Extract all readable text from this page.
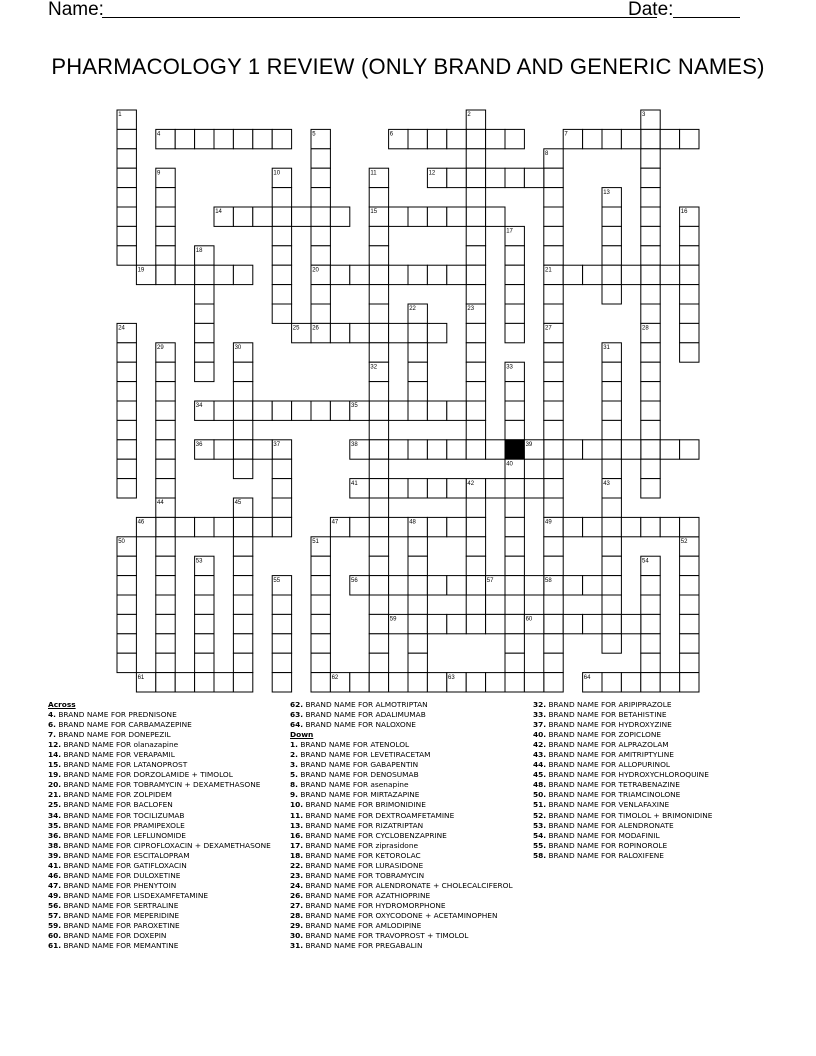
Name:	Date:
PHARMACOLOGY 1 REVIEW (ONLY BRAND AND GENERIC NAMES)
1	2	3
4	5	6	7
8
9	10	11	12
13
14	15	16
17
18
19	20	21
22	23
24	25 26	27	28
29	30	31
32	33
34	35
36	37	38	39
40
41	42	43
44	45
46	47	48	49
50	51	52
53	54
55	56	57	58
59	60
61	62	63	64
Across
4. BRAND NAME FOR PREDNISONE
6. BRAND NAME FOR CARBAMAZEPINE
7. BRAND NAME FOR DONEPEZIL
12. BRAND NAME FOR olanazapine
14. BRAND NAME FOR VERAPAMIL
15. BRAND NAME FOR LATANOPROST
19. BRAND NAME FOR DORZOLAMIDE + TIMOLOL
20. BRAND NAME FOR TOBRAMYCIN + DEXAMETHASONE
21. BRAND NAME FOR ZOLPIDEM
25. BRAND NAME FOR BACLOFEN
34. BRAND NAME FOR TOCILIZUMAB
35. BRAND NAME FOR PRAMIPEXOLE
36. BRAND NAME FOR LEFLUNOMIDE
38. BRAND NAME FOR CIPROFLOXACIN + DEXAMETHASONE
39. BRAND NAME FOR ESCITALOPRAM
41. BRAND NAME FOR GATIFLOXACIN
46. BRAND NAME FOR DULOXETINE
47. BRAND NAME FOR PHENYTOIN
49. BRAND NAME FOR LISDEXAMFETAMINE
56. BRAND NAME FOR SERTRALINE
57. BRAND NAME FOR MEPERIDINE
59. BRAND NAME FOR PAROXETINE
60. BRAND NAME FOR DOXEPIN
61. BRAND NAME FOR MEMANTINE
62. BRAND NAME FOR ALMOTRIPTAN
63. BRAND NAME FOR ADALIMUMAB
64. BRAND NAME FOR NALOXONE
Down
1. BRAND NAME FOR ATENOLOL
2. BRAND NAME FOR LEVETIRACETAM
3. BRAND NAME FOR GABAPENTIN
5. BRAND NAME FOR DENOSUMAB
8. BRAND NAME FOR asenapine
9. BRAND NAME FOR MIRTAZAPINE
10. BRAND NAME FOR BRIMONIDINE
11. BRAND NAME FOR DEXTROAMFETAMINE
13. BRAND NAME FOR RIZATRIPTAN
16. BRAND NAME FOR CYCLOBENZAPRINE
17. BRAND NAME FOR ziprasidone
18. BRAND NAME FOR KETOROLAC
22. BRAND NAME FOR LURASIDONE
23. BRAND NAME FOR TOBRAMYCIN
24. BRAND NAME FOR ALENDRONATE + CHOLECALCIFEROL
26. BRAND NAME FOR AZATHIOPRINE
27. BRAND NAME FOR HYDROMORPHONE
28. BRAND NAME FOR OXYCODONE + ACETAMINOPHEN
29. BRAND NAME FOR AMLODIPINE
30. BRAND NAME FOR TRAVOPROST + TIMOLOL
31. BRAND NAME FOR PREGABALIN
32. BRAND NAME FOR ARIPIPRAZOLE
33. BRAND NAME FOR BETAHISTINE
37. BRAND NAME FOR HYDROXYZINE
40. BRAND NAME FOR ZOPICLONE
42. BRAND NAME FOR ALPRAZOLAM
43. BRAND NAME FOR AMITRIPTYLINE
44. BRAND NAME FOR ALLOPURINOL
45. BRAND NAME FOR HYDROXYCHLOROQUINE
48. BRAND NAME FOR TETRABENAZINE
50. BRAND NAME FOR TRIAMCINOLONE
51. BRAND NAME FOR VENLAFAXINE
52. BRAND NAME FOR TIMOLOL + BRIMONIDINE
53. BRAND NAME FOR ALENDRONATE
54. BRAND NAME FOR MODAFINIL
55. BRAND NAME FOR ROPINOROLE
58. BRAND NAME FOR RALOXIFENE
